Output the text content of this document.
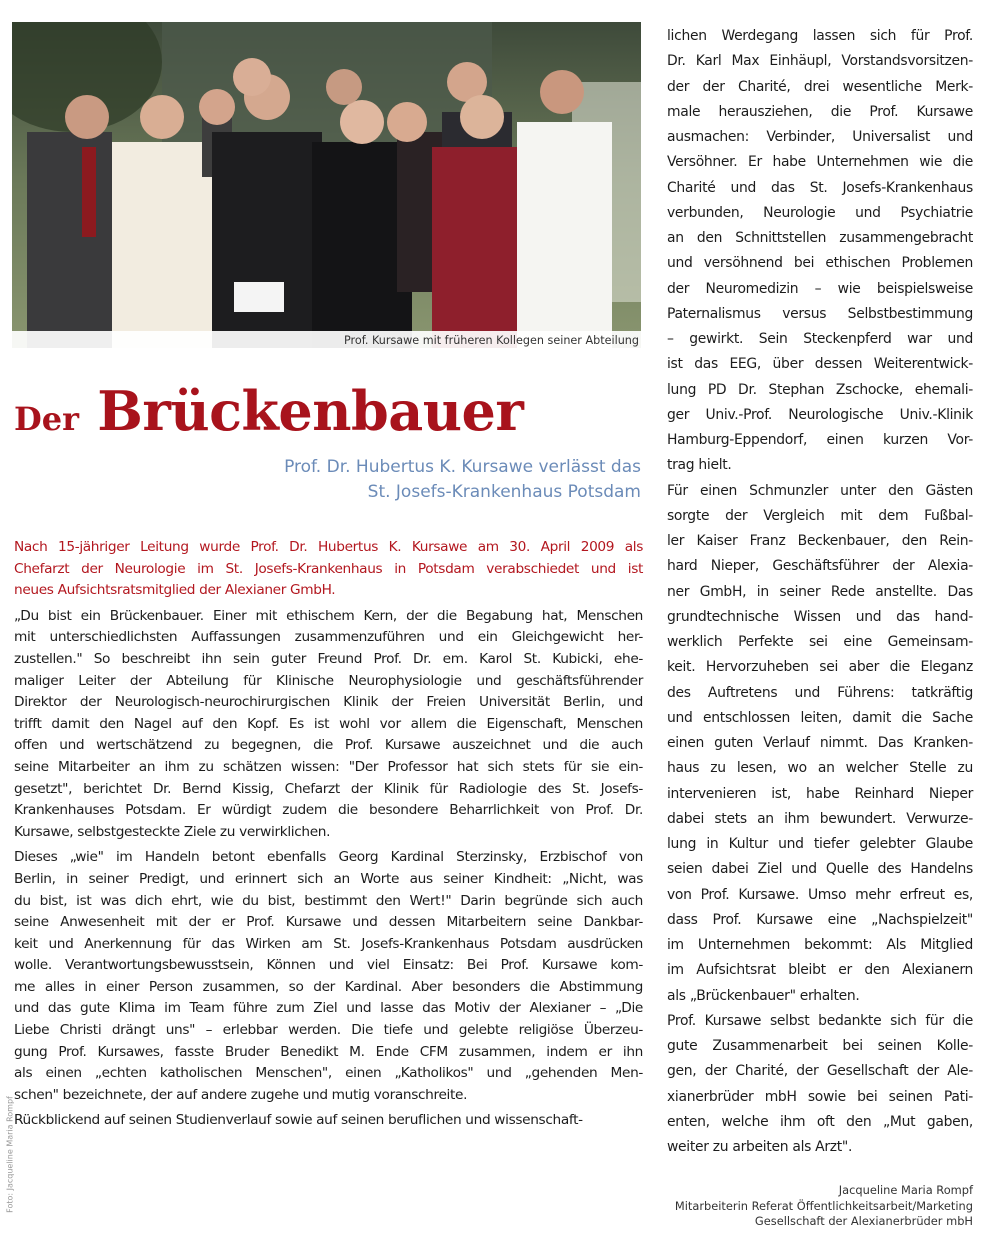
Prof. Kursawe mit früheren Kollegen seiner Abteilung
Der Brückenbauer
Prof. Dr. Hubertus K. Kursawe verlässt das
St. Josefs-Krankenhaus Potsdam
Nach 15-jähriger Leitung wurde Prof. Dr. Hubertus K. Kursawe am 30. April 2009 als
Chefarzt der Neurologie im St. Josefs-Krankenhaus in Potsdam verabschiedet und ist
neues Aufsichtsratsmitglied der Alexianer GmbH.
„Du bist ein Brückenbauer. Einer mit ethischem Kern, der die Begabung hat, Menschen
mit unterschiedlichsten Auffassungen zusammenzuführen und ein Gleichgewicht her-
zustellen." So beschreibt ihn sein guter Freund Prof. Dr. em. Karol St. Kubicki, ehe-
maliger Leiter der Abteilung für Klinische Neurophysiologie und geschäftsführender
Direktor der Neurologisch-neurochirurgischen Klinik der Freien Universität Berlin, und
trifft damit den Nagel auf den Kopf. Es ist wohl vor allem die Eigenschaft, Menschen
offen und wertschätzend zu begegnen, die Prof. Kursawe auszeichnet und die auch
seine Mitarbeiter an ihm zu schätzen wissen: "Der Professor hat sich stets für sie ein-
gesetzt", berichtet Dr. Bernd Kissig, Chefarzt der Klinik für Radiologie des St. Josefs-
Krankenhauses Potsdam. Er würdigt zudem die besondere Beharrlichkeit von Prof. Dr.
Kursawe, selbstgesteckte Ziele zu verwirklichen.
Dieses „wie" im Handeln betont ebenfalls Georg Kardinal Sterzinsky, Erzbischof von
Berlin, in seiner Predigt, und erinnert sich an Worte aus seiner Kindheit: „Nicht, was
du bist, ist was dich ehrt, wie du bist, bestimmt den Wert!" Darin begründe sich auch
seine Anwesenheit mit der er Prof. Kursawe und dessen Mitarbeitern seine Dankbar-
keit und Anerkennung für das Wirken am St. Josefs-Krankenhaus Potsdam ausdrücken
wolle. Verantwortungsbewusstsein, Können und viel Einsatz: Bei Prof. Kursawe kom-
me alles in einer Person zusammen, so der Kardinal. Aber besonders die Abstimmung
und das gute Klima im Team führe zum Ziel und lasse das Motiv der Alexianer – „Die
Liebe Christi drängt uns" – erlebbar werden. Die tiefe und gelebte religiöse Überzeu-
gung Prof. Kursawes, fasste Bruder Benedikt M. Ende CFM zusammen, indem er ihn
als einen „echten katholischen Menschen", einen „Katholikos" und „gehenden Men-
schen" bezeichnete, der auf andere zugehe und mutig voranschreite.
Rückblickend auf seinen Studienverlauf sowie auf seinen beruflichen und wissenschaft-
lichen Werdegang lassen sich für Prof.
Dr. Karl Max Einhäupl, Vorstandsvorsitzen-
der der Charité, drei wesentliche Merk-
male herausziehen, die Prof. Kursawe
ausmachen: Verbinder, Universalist und
Versöhner. Er habe Unternehmen wie die
Charité und das St. Josefs-Krankenhaus
verbunden, Neurologie und Psychiatrie
an den Schnittstellen zusammengebracht
und versöhnend bei ethischen Problemen
der Neuromedizin – wie beispielsweise
Paternalismus versus Selbstbestimmung
– gewirkt. Sein Steckenpferd war und
ist das EEG, über dessen Weiterentwick-
lung PD Dr. Stephan Zschocke, ehemali-
ger Univ.-Prof. Neurologische Univ.-Klinik
Hamburg-Eppendorf, einen kurzen Vor-
trag hielt.
Für einen Schmunzler unter den Gästen
sorgte der Vergleich mit dem Fußbal-
ler Kaiser Franz Beckenbauer, den Rein-
hard Nieper, Geschäftsführer der Alexia-
ner GmbH, in seiner Rede anstellte. Das
grundtechnische Wissen und das hand-
werklich Perfekte sei eine Gemeinsam-
keit. Hervorzuheben sei aber die Eleganz
des Auftretens und Führens: tatkräftig
und entschlossen leiten, damit die Sache
einen guten Verlauf nimmt. Das Kranken-
haus zu lesen, wo an welcher Stelle zu
intervenieren ist, habe Reinhard Nieper
dabei stets an ihm bewundert. Verwurze-
lung in Kultur und tiefer gelebter Glaube
seien dabei Ziel und Quelle des Handelns
von Prof. Kursawe. Umso mehr erfreut es,
dass Prof. Kursawe eine „Nachspielzeit"
im Unternehmen bekommt: Als Mitglied
im Aufsichtsrat bleibt er den Alexianern
als „Brückenbauer" erhalten.
Prof. Kursawe selbst bedankte sich für die
gute Zusammenarbeit bei seinen Kolle-
gen, der Charité, der Gesellschaft der Ale-
xianerbrüder mbH sowie bei seinen Pati-
enten, welche ihm oft den „Mut gaben,
weiter zu arbeiten als Arzt".
Jacqueline Maria Rompf
Mitarbeiterin Referat Öffentlichkeitsarbeit/Marketing
Gesellschaft der Alexianerbrüder mbH
Foto: Jacqueline Maria Rompf
